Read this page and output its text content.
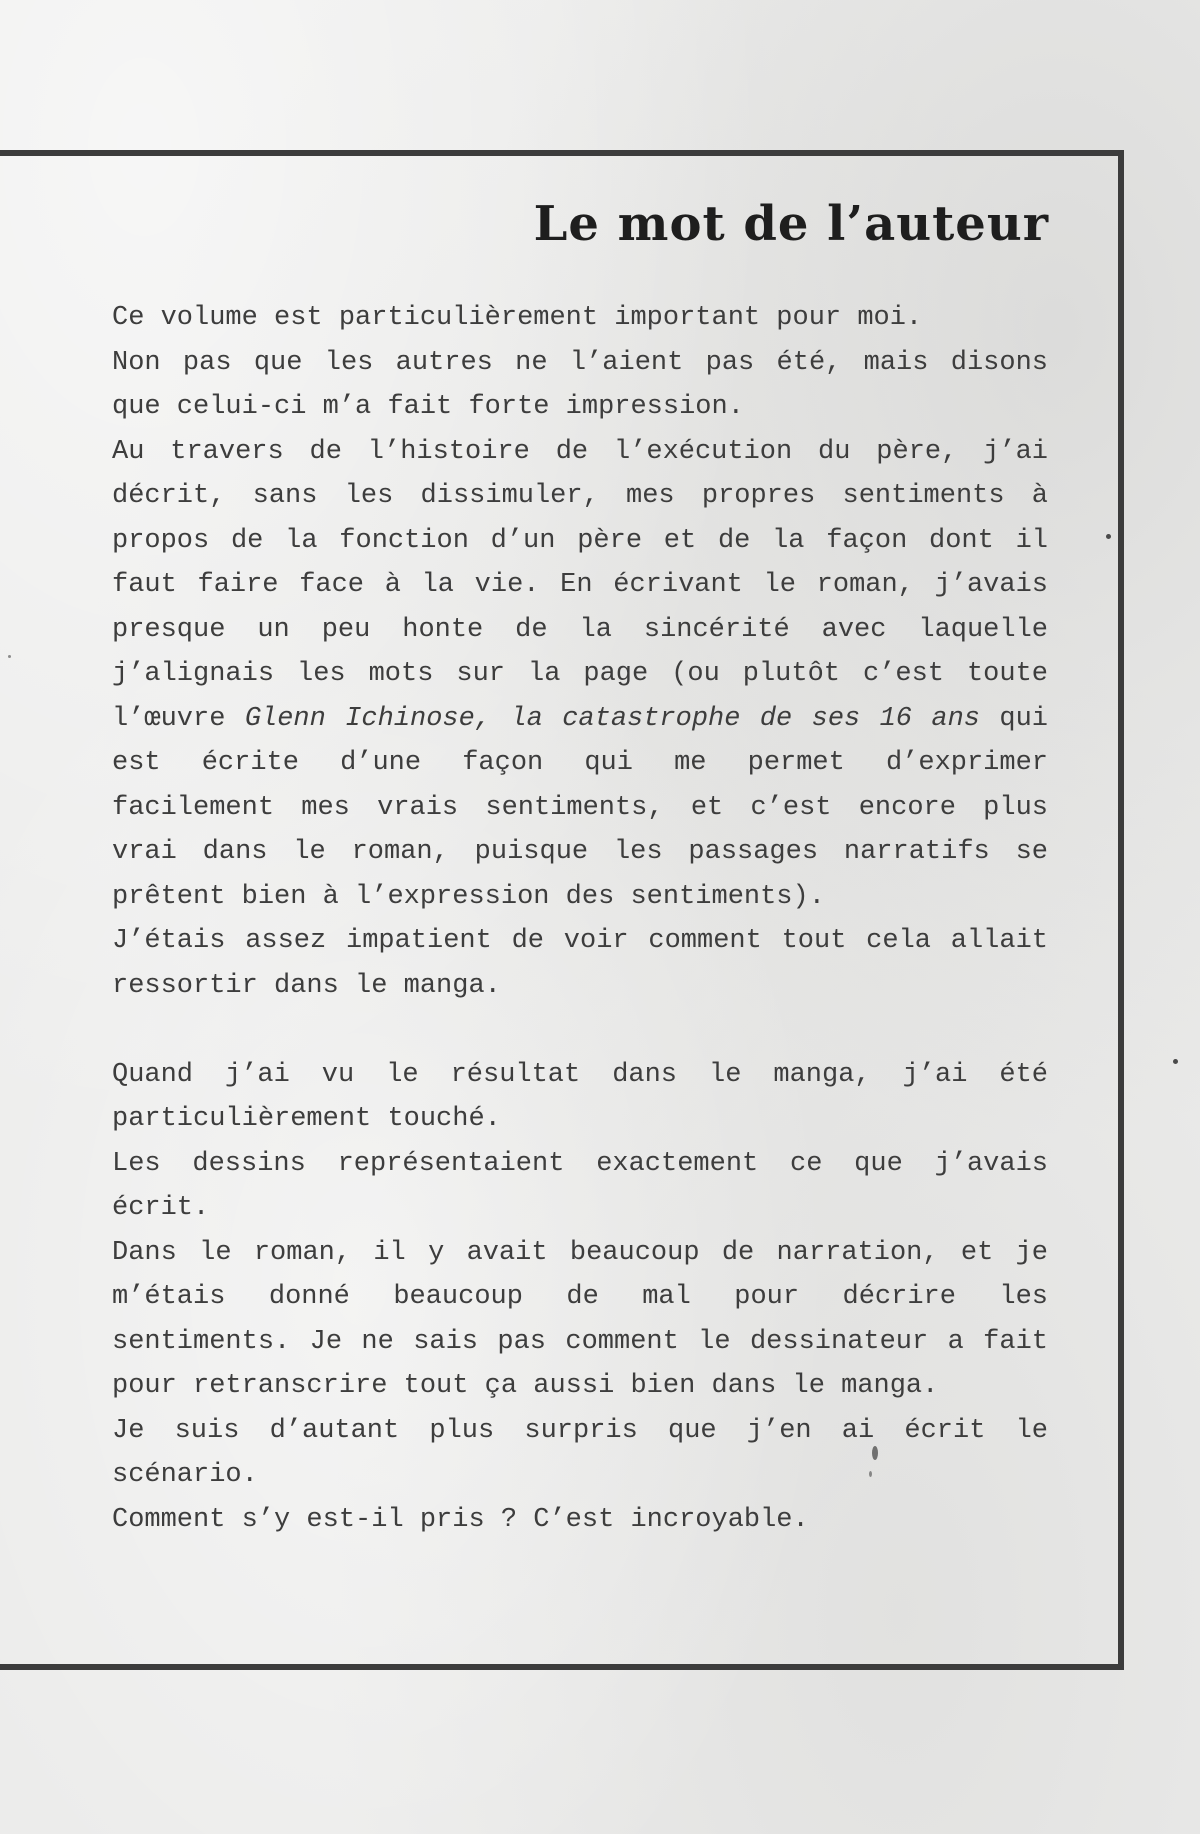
Le mot de l’auteur

Ce volume est particulièrement important pour moi.

Non pas que les autres ne l’aient pas été, mais disons que celui-ci m’a fait forte impression.

Au travers de l’histoire de l’exécution du père, j’ai décrit, sans les dissimuler, mes propres sentiments à propos de la fonction d’un père et de la façon dont il faut faire face à la vie. En écrivant le roman, j’avais presque un peu honte de la sincérité avec laquelle j’alignais les mots sur la page (ou plutôt c’est toute l’œuvre Glenn Ichinose, la catastrophe de ses 16 ans qui est écrite d’une façon qui me permet d’exprimer facilement mes vrais sentiments, et c’est encore plus vrai dans le roman, puisque les passages narratifs se prêtent bien à l’expression des sentiments).

J’étais assez impatient de voir comment tout cela allait ressortir dans le manga.

Quand j’ai vu le résultat dans le manga, j’ai été particulièrement touché.

Les dessins représentaient exactement ce que j’avais écrit.

Dans le roman, il y avait beaucoup de narration, et je m’étais donné beaucoup de mal pour décrire les sentiments. Je ne sais pas comment le dessinateur a fait pour retranscrire tout ça aussi bien dans le manga.

Je suis d’autant plus surpris que j’en ai écrit le scénario.

Comment s’y est-il pris ? C’est incroyable.
